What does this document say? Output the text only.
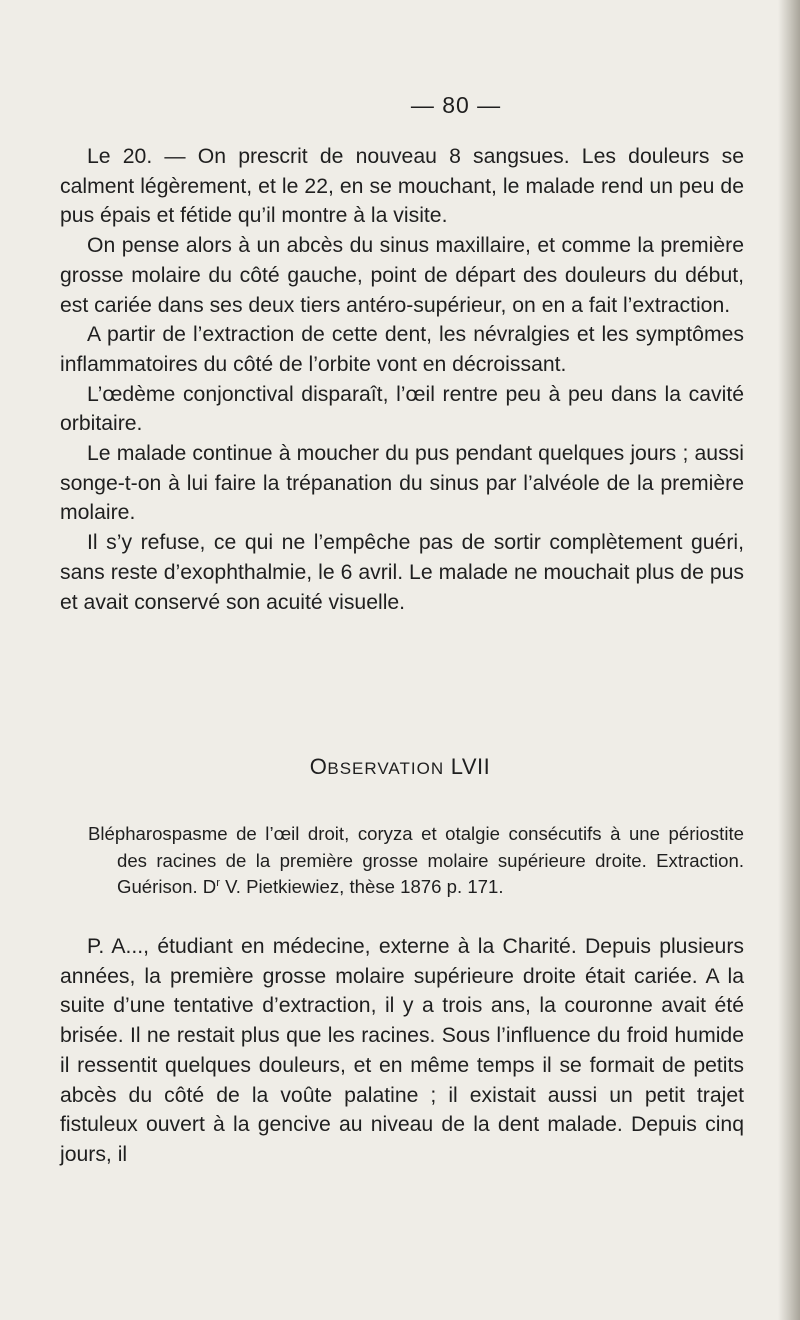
— 80 —

Le 20. — On prescrit de nouveau 8 sangsues. Les douleurs se calment légèrement, et le 22, en se mouchant, le malade rend un peu de pus épais et fétide qu’il montre à la visite.

On pense alors à un abcès du sinus maxillaire, et comme la première grosse molaire du côté gauche, point de départ des douleurs du début, est cariée dans ses deux tiers antéro-supérieur, on en a fait l’extraction.

A partir de l’extraction de cette dent, les névralgies et les symptômes inflammatoires du côté de l’orbite vont en décroissant.

L’œdème conjonctival disparaît, l’œil rentre peu à peu dans la cavité orbitaire.

Le malade continue à moucher du pus pendant quelques jours ; aussi songe-t-on à lui faire la trépanation du sinus par l’alvéole de la première molaire.

Il s’y refuse, ce qui ne l’empêche pas de sortir complètement guéri, sans reste d’exophthalmie, le 6 avril. Le malade ne mouchait plus de pus et avait conservé son acuité visuelle.

OBSERVATION LVII

Blépharospasme de l’œil droit, coryza et otalgie consécutifs à une périostite des racines de la première grosse molaire supérieure droite. Extraction. Guérison. $D^r$ V. Pietkiewiez, thèse 1876 p. 171.

P. A..., étudiant en médecine, externe à la Charité. Depuis plusieurs années, la première grosse molaire supérieure droite était cariée. A la suite d’une tentative d’extraction, il y a trois ans, la couronne avait été brisée. Il ne restait plus que les racines. Sous l’influence du froid humide il ressentit quelques douleurs, et en même temps il se formait de petits abcès du côté de la voûte palatine ; il existait aussi un petit trajet fistuleux ouvert à la gencive au niveau de la dent malade. Depuis cinq jours, il
